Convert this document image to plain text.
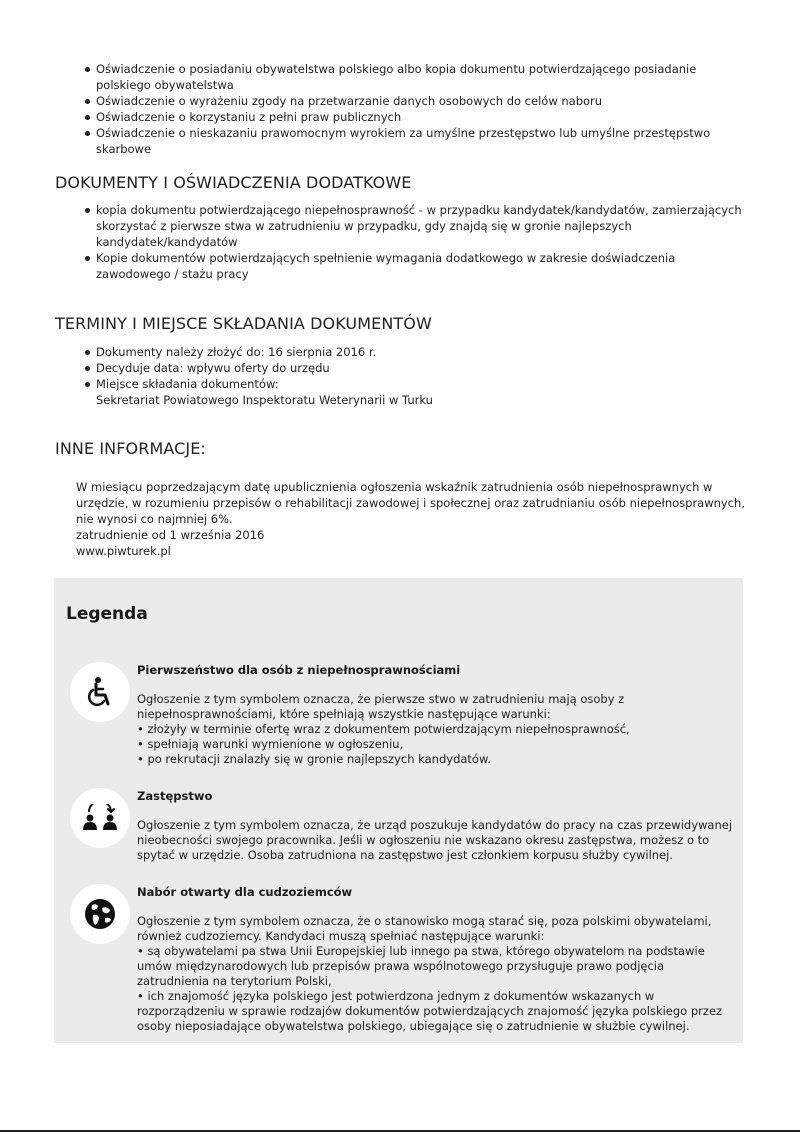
Oświadczenie o posiadaniu obywatelstwa polskiego albo kopia dokumentu potwierdzającego posiadanie polskiego obywatelstwa
Oświadczenie o wyrażeniu zgody na przetwarzanie danych osobowych do celów naboru
Oświadczenie o korzystaniu z pełni praw publicznych
Oświadczenie o nieskazaniu prawomocnym wyrokiem za umyślne przestępstwo lub umyślne przestępstwo skarbowe
DOKUMENTY I OŚWIADCZENIA DODATKOWE
kopia dokumentu potwierdzającego niepełnosprawność - w przypadku kandydatek/kandydatów, zamierzających skorzystać z pierwsze stwa w zatrudnieniu w przypadku, gdy znajdą się w gronie najlepszych kandydatek/kandydatów
Kopie dokumentów potwierdzających spełnienie wymagania dodatkowego w zakresie doświadczenia zawodowego / stażu pracy
TERMINY I MIEJSCE SKŁADANIA DOKUMENTÓW
Dokumenty należy złożyć do: 16 sierpnia 2016 r.
Decyduje data: wpływu oferty do urzędu
Miejsce składania dokumentów:
Sekretariat Powiatowego Inspektoratu Weterynarii w Turku
INNE INFORMACJE:

W miesiącu poprzedzającym datę upublicznienia ogłoszenia wskaźnik zatrudnienia osób niepełnosprawnych w urzędzie, w rozumieniu przepisów o rehabilitacji zawodowej i społecznej oraz zatrudnianiu osób niepełnosprawnych, nie wynosi co najmniej 6%.

zatrudnienie od 1 września 2016

www.piwturek.pl

Legenda
Pierwszeństwo dla osób z niepełnosprawnościami
Ogłoszenie z tym symbolem oznacza, że pierwsze stwo w zatrudnieniu mają osoby z niepełnosprawnościami, które spełniają wszystkie następujące warunki:
• złożyły w terminie ofertę wraz z dokumentem potwierdzającym niepełnosprawność,
• spełniają warunki wymienione w ogłoszeniu,
• po rekrutacji znalazły się w gronie najlepszych kandydatów.
Zastępstwo
Ogłoszenie z tym symbolem oznacza, że urząd poszukuje kandydatów do pracy na czas przewidywanej nieobecności swojego pracownika. Jeśli w ogłoszeniu nie wskazano okresu zastępstwa, możesz o to spytać w urzędzie. Osoba zatrudniona na zastępstwo jest członkiem korpusu służby cywilnej.
Nabór otwarty dla cudzoziemców
Ogłoszenie z tym symbolem oznacza, że o stanowisko mogą starać się, poza polskimi obywatelami, również cudzoziemcy. Kandydaci muszą spełniać następujące warunki:
• są obywatelami pa stwa Unii Europejskiej lub innego pa stwa, którego obywatelom na podstawie umów międzynarodowych lub przepisów prawa wspólnotowego przysługuje prawo podjęcia zatrudnienia na terytorium Polski,
• ich znajomość języka polskiego jest potwierdzona jednym z dokumentów wskazanych w rozporządzeniu w sprawie rodzajów dokumentów potwierdzających znajomość języka polskiego przez osoby nieposiadające obywatelstwa polskiego, ubiegające się o zatrudnienie w służbie cywilnej.
